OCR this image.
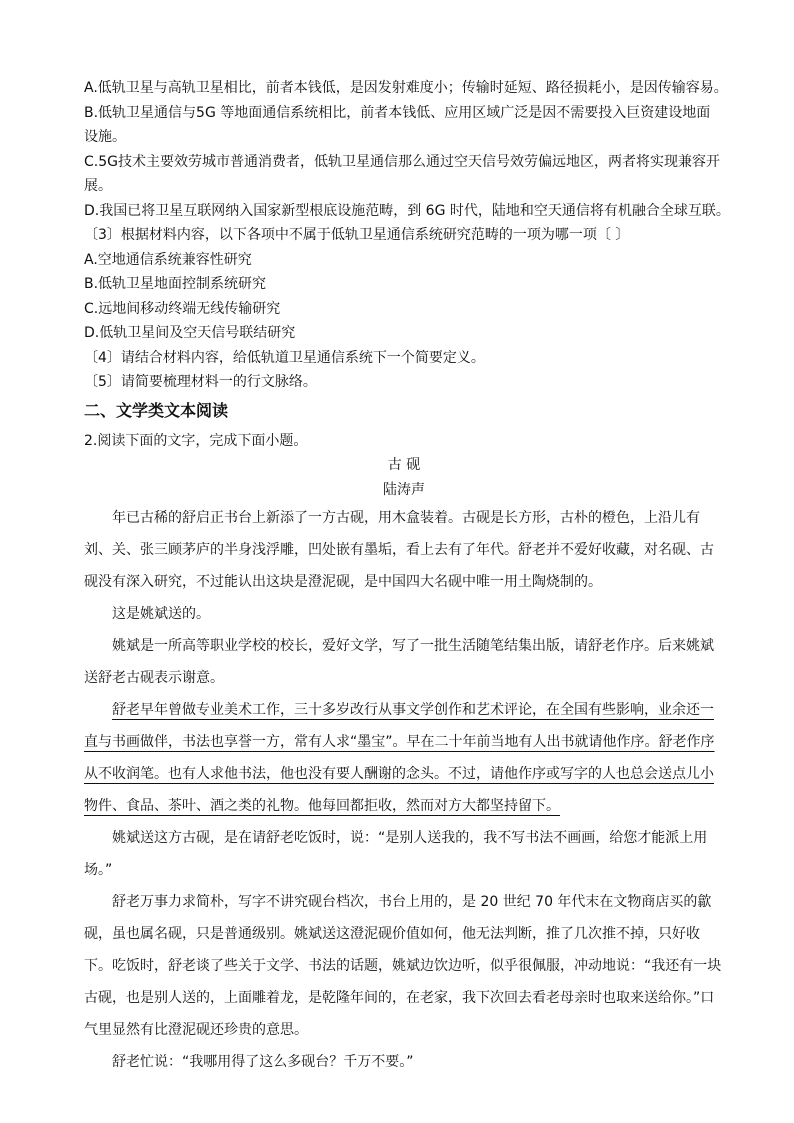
A.低轨卫星与高轨卫星相比，前者本钱低，是因发射难度小；传输时延短、路径损耗小，是因传输容易。

B.低轨卫星通信与5G 等地面通信系统相比，前者本钱低、应用区域广泛是因不需要投入巨资建设地面设施。

C.5G技术主要效劳城市普通消费者，低轨卫星通信那么通过空天信号效劳偏远地区，两者将实现兼容开展。

D.我国已将卫星互联网纳入国家新型根底设施范畴，到 6G 时代，陆地和空天通信将有机融合全球互联。

〔3〕根据材料内容，以下各项中不属于低轨卫星通信系统研究范畴的一项为哪一项〔 〕

A.空地通信系统兼容性研究

B.低轨卫星地面控制系统研究

C.远地间移动终端无线传输研究

D.低轨卫星间及空天信号联结研究

〔4〕请结合材料内容，给低轨道卫星通信系统下一个简要定义。

〔5〕请简要梳理材料一的行文脉络。

二、文学类文本阅读

2.阅读下面的文字，完成下面小题。

古 砚

陆涛声

年已古稀的舒启正书台上新添了一方古砚，用木盒装着。古砚是长方形，古朴的橙色，上沿儿有刘、关、张三顾茅庐的半身浅浮雕，凹处嵌有墨垢，看上去有了年代。舒老并不爱好收藏，对名砚、古砚没有深入研究，不过能认出这块是澄泥砚，是中国四大名砚中唯一用土陶烧制的。

这是姚斌送的。

姚斌是一所高等职业学校的校长，爱好文学，写了一批生活随笔结集出版，请舒老作序。后来姚斌送舒老古砚表示谢意。

舒老早年曾做专业美术工作，三十多岁改行从事文学创作和艺术评论，在全国有些影响，业余还一直与书画做伴，书法也享誉一方，常有人求“墨宝”。早在二十年前当地有人出书就请他作序。舒老作序从不收润笔。也有人求他书法，他也没有要人酬谢的念头。不过，请他作序或写字的人也总会送点儿小物件、食品、茶叶、酒之类的礼物。他每回都拒收，然而对方大都坚持留下。

姚斌送这方古砚，是在请舒老吃饭时，说：“是别人送我的，我不写书法不画画，给您才能派上用场。”

舒老万事力求简朴，写字不讲究砚台档次，书台上用的，是 20 世纪 70 年代末在文物商店买的歙砚，虽也属名砚，只是普通级别。姚斌送这澄泥砚价值如何，他无法判断，推了几次推不掉，只好收下。吃饭时，舒老谈了些关于文学、书法的话题，姚斌边饮边听，似乎很佩服，冲动地说：“我还有一块古砚，也是别人送的，上面雕着龙，是乾隆年间的，在老家，我下次回去看老母亲时也取来送给你。”口气里显然有比澄泥砚还珍贵的意思。

舒老忙说：“我哪用得了这么多砚台？千万不要。”
